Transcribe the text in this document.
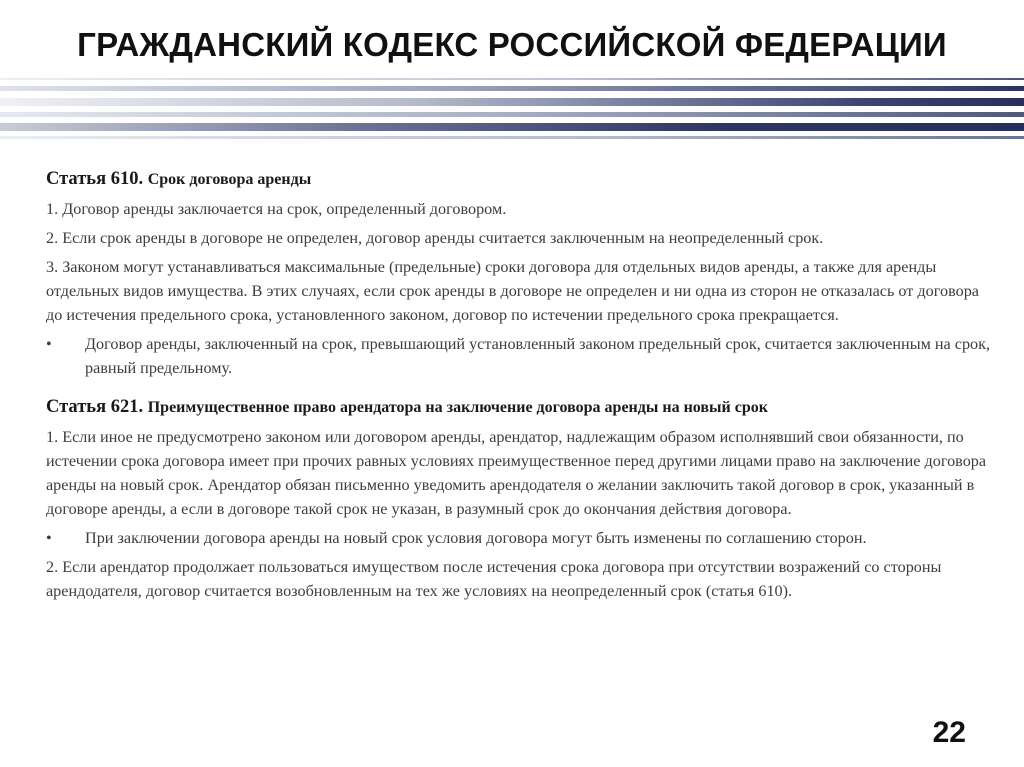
ГРАЖДАНСКИЙ КОДЕКС РОССИЙСКОЙ ФЕДЕРАЦИИ
Статья 610. Срок договора аренды
1. Договор аренды заключается на срок, определенный договором.
2. Если срок аренды в договоре не определен, договор аренды считается заключенным на неопределенный срок.
3. Законом могут устанавливаться максимальные (предельные) сроки договора для отдельных видов аренды, а также для аренды отдельных видов имущества. В этих случаях, если срок аренды в договоре не определен и ни одна из сторон не отказалась от договора до истечения предельного срока, установленного законом, договор по истечении предельного срока прекращается.
• Договор аренды, заключенный на срок, превышающий установленный законом предельный срок, считается заключенным на срок, равный предельному.
Статья 621. Преимущественное право арендатора на заключение договора аренды на новый срок
1. Если иное не предусмотрено законом или договором аренды, арендатор, надлежащим образом исполнявший свои обязанности, по истечении срока договора имеет при прочих равных условиях преимущественное перед другими лицами право на заключение договора аренды на новый срок. Арендатор обязан письменно уведомить арендодателя о желании заключить такой договор в срок, указанный в договоре аренды, а если в договоре такой срок не указан, в разумный срок до окончания действия договора.
• При заключении договора аренды на новый срок условия договора могут быть изменены по соглашению сторон.
2. Если арендатор продолжает пользоваться имуществом после истечения срока договора при отсутствии возражений со стороны арендодателя, договор считается возобновленным на тех же условиях на неопределенный срок (статья 610).
22
